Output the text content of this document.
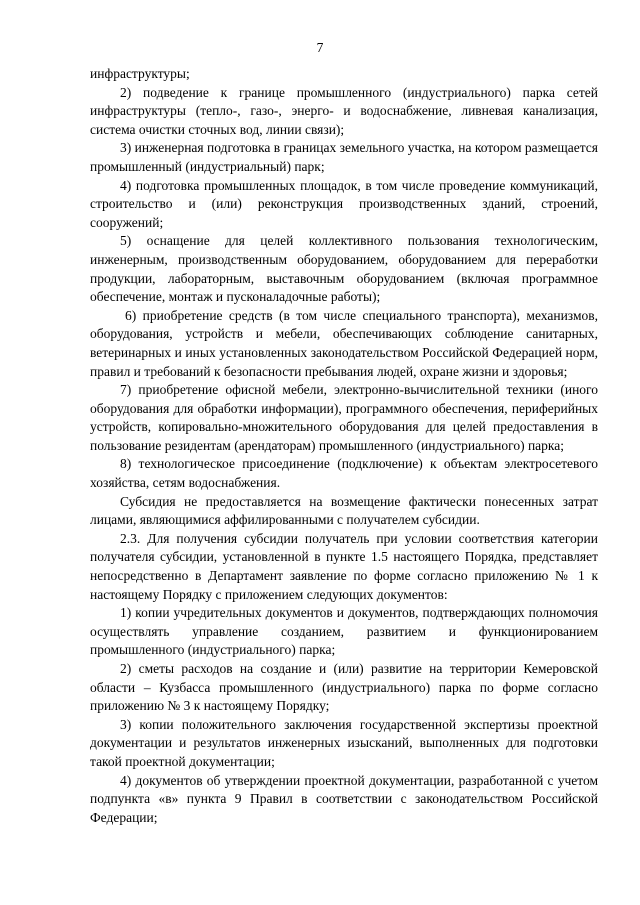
7

инфраструктуры;

2) подведение к границе промышленного (индустриального) парка сетей инфраструктуры (тепло-, газо-, энерго- и водоснабжение, ливневая канализация, система очистки сточных вод, линии связи);

3) инженерная подготовка в границах земельного участка, на котором размещается промышленный (индустриальный) парк;

4) подготовка промышленных площадок, в том числе проведение коммуникаций, строительство и (или) реконструкция производственных зданий, строений, сооружений;

5) оснащение для целей коллективного пользования технологическим, инженерным, производственным оборудованием, оборудованием для переработки продукции, лабораторным, выставочным оборудованием (включая программное обеспечение, монтаж и пусконаладочные работы);

6) приобретение средств (в том числе специального транспорта), механизмов, оборудования, устройств и мебели, обеспечивающих соблюдение санитарных, ветеринарных и иных установленных законодательством Российской Федерацией норм, правил и требований к безопасности пребывания людей, охране жизни и здоровья;

7) приобретение офисной мебели, электронно-вычислительной техники (иного оборудования для обработки информации), программного обеспечения, периферийных устройств, копировально-множительного оборудования для целей предоставления в пользование резидентам (арендаторам) промышленного (индустриального) парка;

8) технологическое присоединение (подключение) к объектам электросетевого хозяйства, сетям водоснабжения.

Субсидия не предоставляется на возмещение фактически понесенных затрат лицами, являющимися аффилированными с получателем субсидии.

2.3. Для получения субсидии получатель при условии соответствия категории получателя субсидии, установленной в пункте 1.5 настоящего Порядка, представляет непосредственно в Департамент заявление по форме согласно приложению № 1 к настоящему Порядку с приложением следующих документов:

1) копии учредительных документов и документов, подтверждающих полномочия осуществлять управление созданием, развитием и функционированием промышленного (индустриального) парка;

2) сметы расходов на создание и (или) развитие на территории Кемеровской области – Кузбасса промышленного (индустриального) парка по форме согласно приложению № 3 к настоящему Порядку;

3) копии положительного заключения государственной экспертизы проектной документации и результатов инженерных изысканий, выполненных для подготовки такой проектной документации;

4) документов об утверждении проектной документации, разработанной с учетом подпункта «в» пункта 9 Правил в соответствии с законодательством Российской Федерации;
